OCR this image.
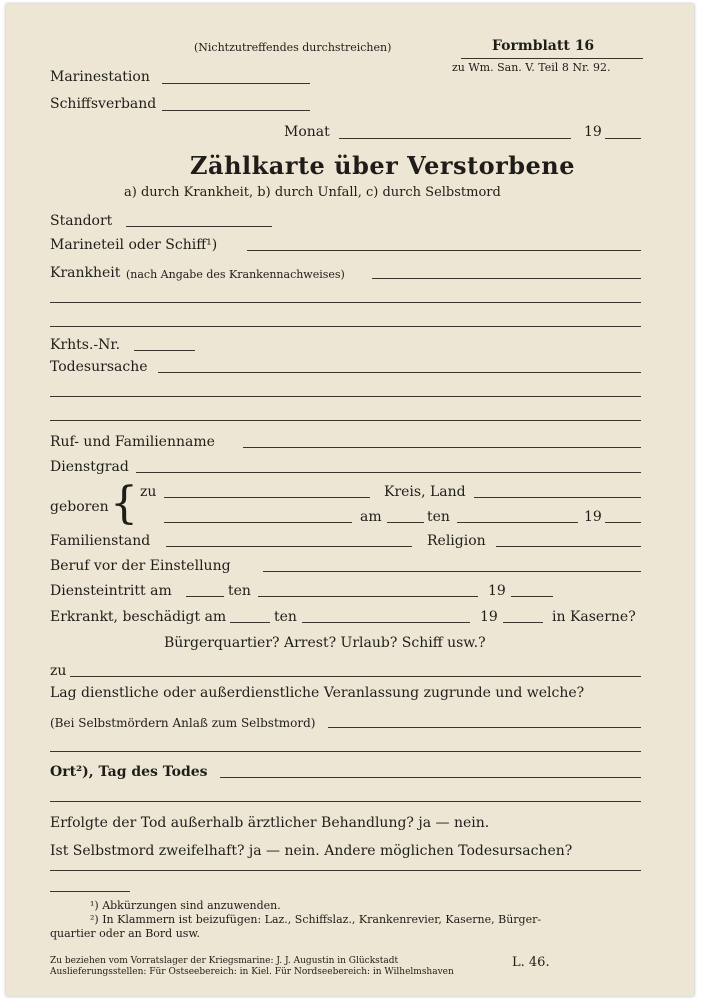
(Nichtzutreffendes durchstreichen)	Formblatt 16
zu Wm. San. V. Teil 8 Nr. 92.
Marinestation
Schiffsverband
Monat	19
Zählkarte über Verstorbene
a) durch Krankheit, b) durch Unfall, c) durch Selbstmord
Standort
Marineteil oder Schiff¹)
Krankheit (nach Angabe des Krankennachweises)
Krhts.-Nr.
Todesursache
Ruf- und Familienname
Dienstgrad
geboren { zu	Kreis, Land
am	ten	19
Familienstand	Religion
Beruf vor der Einstellung
Diensteintritt am	ten	19
Erkrankt, beschädigt am	ten	19	in Kaserne?
Bürgerquartier? Arrest? Urlaub? Schiff usw.?
zu
Lag dienstliche oder außerdienstliche Veranlassung zugrunde und welche?
(Bei Selbstmördern Anlaß zum Selbstmord)
Ort²), Tag des Todes
Erfolgte der Tod außerhalb ärztlicher Behandlung? ja — nein.
Ist Selbstmord zweifelhaft? ja — nein. Andere möglichen Todesursachen?
¹) Abkürzungen sind anzuwenden.
²) In Klammern ist beizufügen: Laz., Schiffslaz., Krankenrevier, Kaserne, Bürger-
quartier oder an Bord usw.
Zu beziehen vom Vorratslager der Kriegsmarine: J. J. Augustin in Glückstadt
Auslieferungsstellen: Für Ostseebereich: in Kiel. Für Nordseebereich: in Wilhelmshaven
L. 46.
